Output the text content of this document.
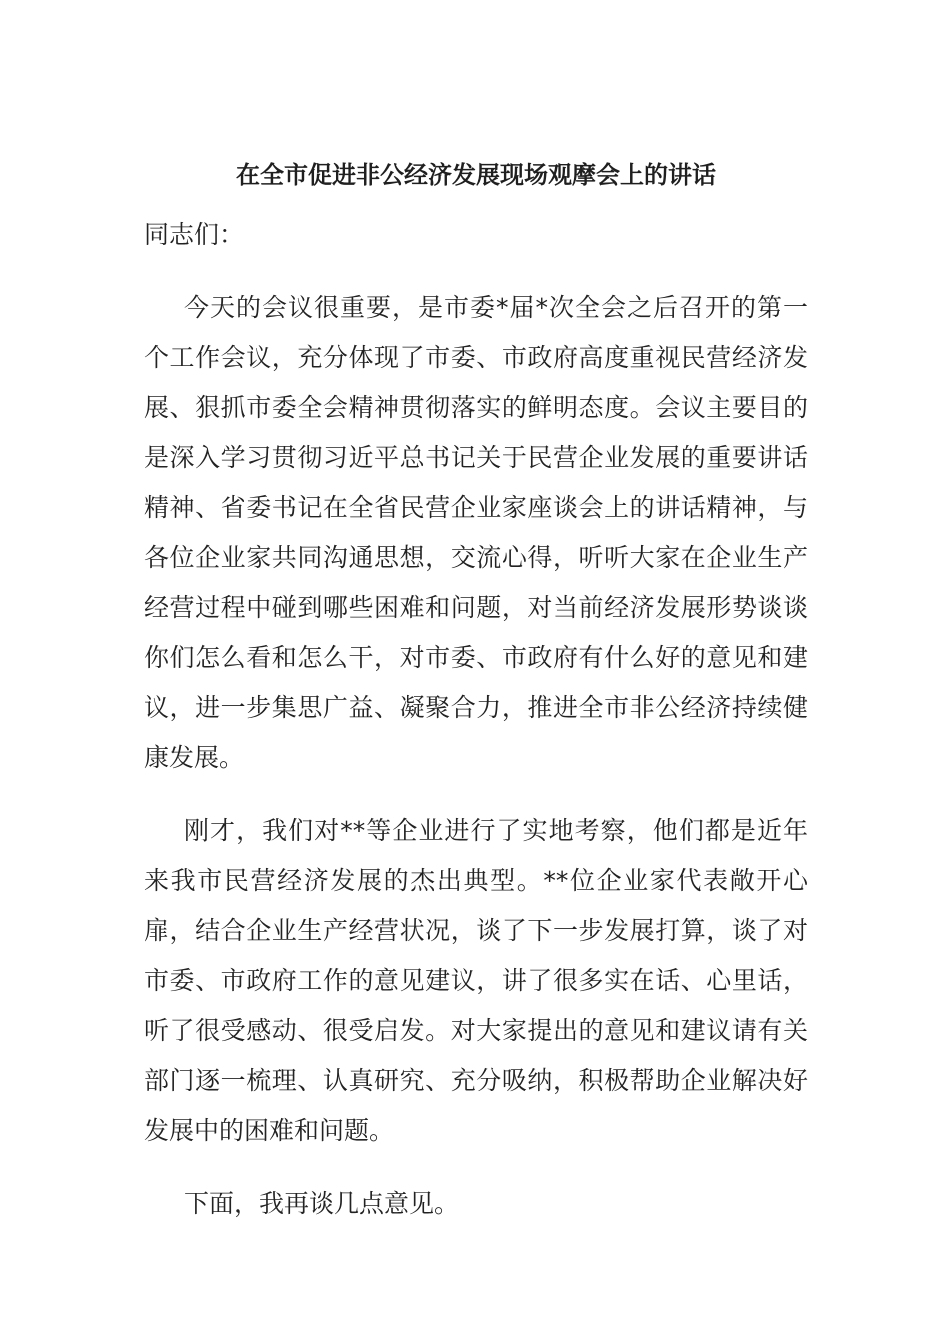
在全市促进非公经济发展现场观摩会上的讲话

同志们：

今天的会议很重要，是市委*届*次全会之后召开的第一个工作会议，充分体现了市委、市政府高度重视民营经济发展、狠抓市委全会精神贯彻落实的鲜明态度。会议主要目的是深入学习贯彻习近平总书记关于民营企业发展的重要讲话精神、省委书记在全省民营企业家座谈会上的讲话精神，与各位企业家共同沟通思想，交流心得，听听大家在企业生产经营过程中碰到哪些困难和问题，对当前经济发展形势谈谈你们怎么看和怎么干，对市委、市政府有什么好的意见和建议，进一步集思广益、凝聚合力，推进全市非公经济持续健康发展。

刚才，我们对**等企业进行了实地考察，他们都是近年来我市民营经济发展的杰出典型。**位企业家代表敞开心扉，结合企业生产经营状况，谈了下一步发展打算，谈了对市委、市政府工作的意见建议，讲了很多实在话、心里话，听了很受感动、很受启发。对大家提出的意见和建议请有关部门逐一梳理、认真研究、充分吸纳，积极帮助企业解决好发展中的困难和问题。

下面，我再谈几点意见。
